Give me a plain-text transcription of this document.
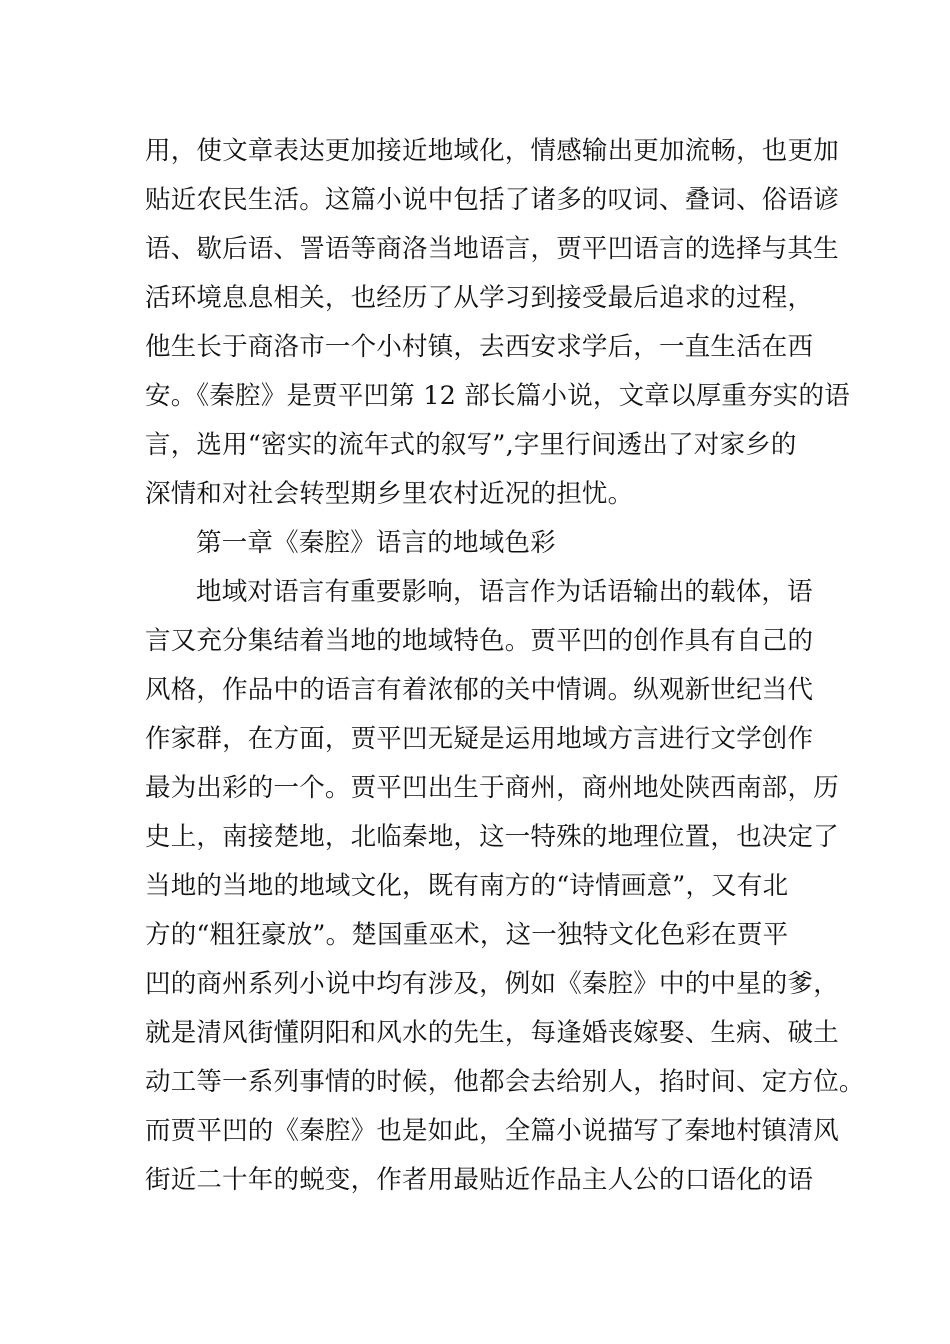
用，使文章表达更加接近地域化，情感输出更加流畅，也更加
贴近农民生活。这篇小说中包括了诸多的叹词、叠词、俗语谚
语、歇后语、詈语等商洛当地语言，贾平凹语言的选择与其生
活环境息息相关，也经历了从学习到接受最后追求的过程，
他生长于商洛市一个小村镇，去西安求学后，一直生活在西
安。《秦腔》是贾平凹第 12 部长篇小说，文章以厚重夯实的语
言，选用“密实的流年式的叙写”,字里行间透出了对家乡的
深情和对社会转型期乡里农村近况的担忧。
第一章《秦腔》语言的地域色彩
地域对语言有重要影响，语言作为话语输出的载体，语
言又充分集结着当地的地域特色。贾平凹的创作具有自己的
风格，作品中的语言有着浓郁的关中情调。纵观新世纪当代
作家群，在方面，贾平凹无疑是运用地域方言进行文学创作
最为出彩的一个。贾平凹出生于商州，商州地处陕西南部，历
史上，南接楚地，北临秦地，这一特殊的地理位置，也决定了
当地的当地的地域文化，既有南方的“诗情画意”，又有北
方的“粗狂豪放”。楚国重巫术，这一独特文化色彩在贾平
凹的商州系列小说中均有涉及，例如《秦腔》中的中星的爹，
就是清风街懂阴阳和风水的先生，每逢婚丧嫁娶、生病、破土
动工等一系列事情的时候，他都会去给别人，掐时间、定方位。
而贾平凹的《秦腔》也是如此，全篇小说描写了秦地村镇清风
街近二十年的蜕变，作者用最贴近作品主人公的口语化的语
